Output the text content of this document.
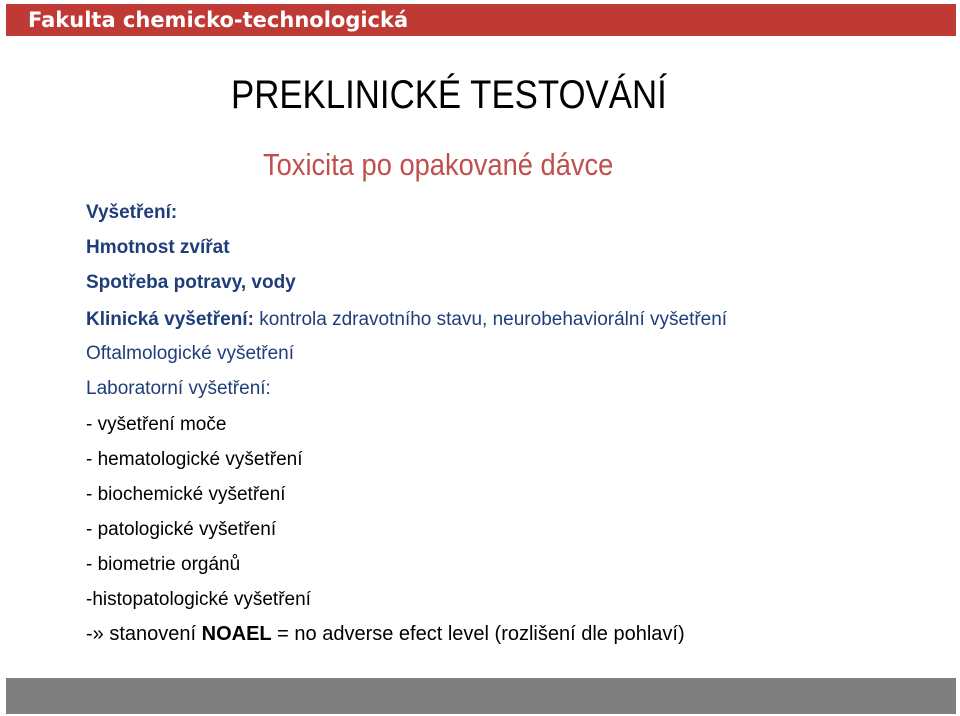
Fakulta chemicko-technologická
PREKLINICKÉ TESTOVÁNÍ
Toxicita po opakované dávce
Vyšetření:
Hmotnost zvířat
Spotřeba potravy, vody
Klinická vyšetření: kontrola zdravotního stavu, neurobehaviorální vyšetření
Oftalmologické vyšetření
Laboratorní vyšetření:
- vyšetření moče
- hematologické vyšetření
- biochemické vyšetření
- patologické vyšetření
- biometrie orgánů
-histopatologické vyšetření
-» stanovení NOAEL = no adverse efect level (rozlišení dle pohlaví)
